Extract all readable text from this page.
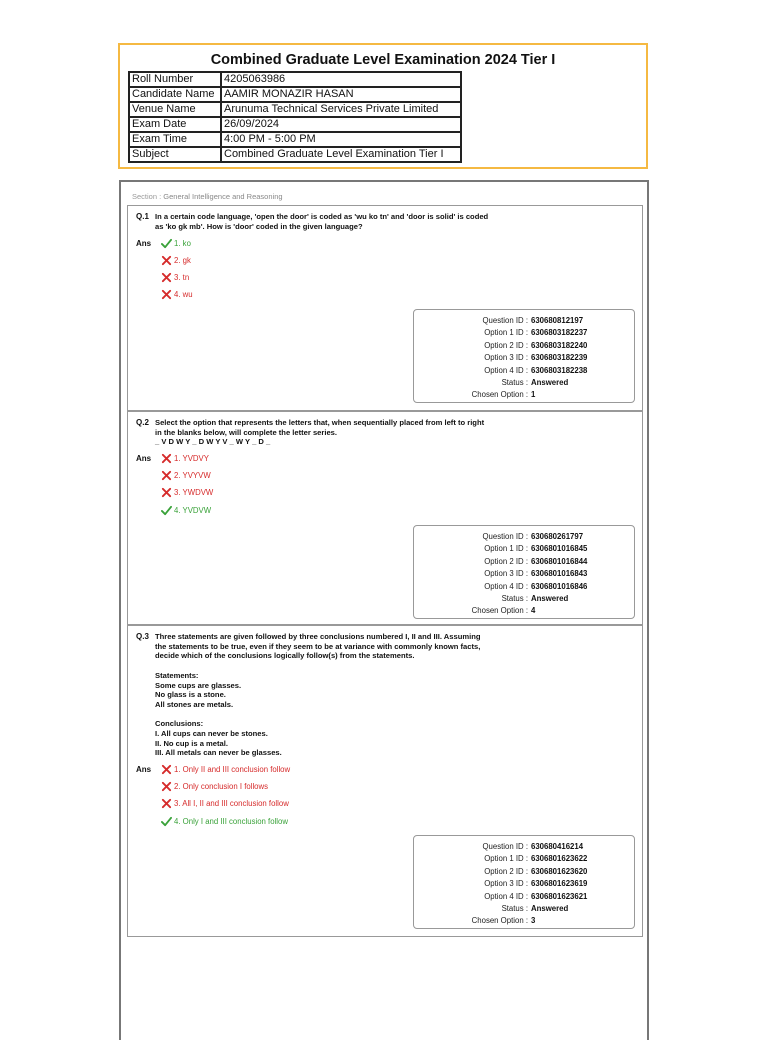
Combined Graduate Level Examination 2024 Tier I
Roll Number	4205063986
Candidate Name	AAMIR MONAZIR HASAN
Venue Name	Arunuma Technical Services Private Limited
Exam Date	26/09/2024
Exam Time	4:00 PM - 5:00 PM
Subject	Combined Graduate Level Examination Tier I
Section : General Intelligence and Reasoning
Q.1 In a certain code language, 'open the door' is coded as 'wu ko tn' and 'door is solid' is coded
as 'ko gk mb'. How is 'door' coded in the given language?
Ans	1. ko
2. gk
3. tn
4. wu
Question ID : 630680812197
Option 1 ID : 6306803182237
Option 2 ID : 6306803182240
Option 3 ID : 6306803182239
Option 4 ID : 6306803182238
Status : Answered
Chosen Option : 1
Q.2 Select the option that represents the letters that, when sequentially placed from left to right
in the blanks below, will complete the letter series.
_ V D W Y _ D W Y V _ W Y _ D _
Ans	1. YVDVY
2. YVYVW
3. YWDVW
4. YVDVW
Question ID : 630680261797
Option 1 ID : 6306801016845
Option 2 ID : 6306801016844
Option 3 ID : 6306801016843
Option 4 ID : 6306801016846
Status : Answered
Chosen Option : 4
Q.3 Three statements are given followed by three conclusions numbered I, II and III. Assuming
the statements to be true, even if they seem to be at variance with commonly known facts,
decide which of the conclusions logically follow(s) from the statements.
Statements:
Some cups are glasses.
No glass is a stone.
All stones are metals.
Conclusions:
I. All cups can never be stones.
II. No cup is a metal.
III. All metals can never be glasses.
Ans	1. Only II and III conclusion follow
2. Only conclusion I follows
3. All I, II and III conclusion follow
4. Only I and III conclusion follow
Question ID : 630680416214
Option 1 ID : 6306801623622
Option 2 ID : 6306801623620
Option 3 ID : 6306801623619
Option 4 ID : 6306801623621
Status : Answered
Chosen Option : 3
